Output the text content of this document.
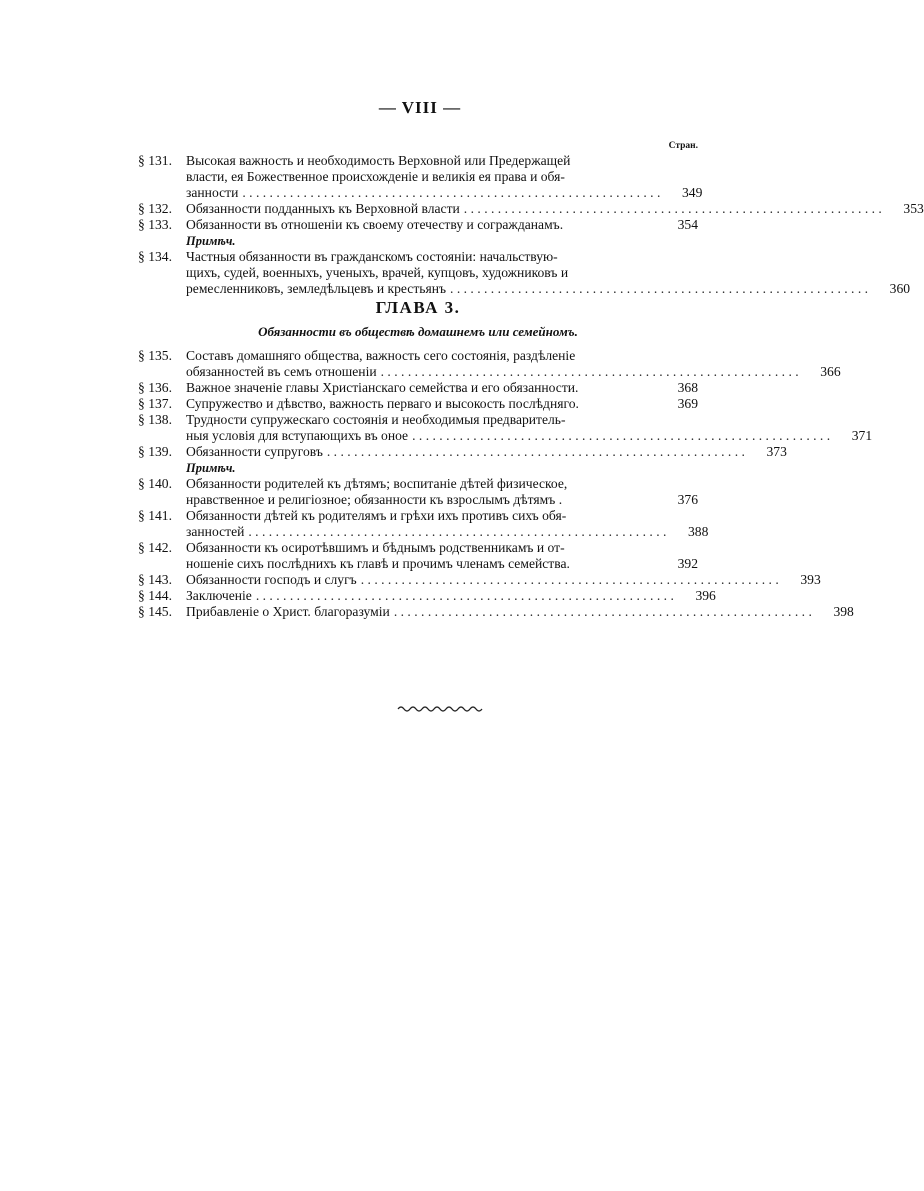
— VIII —
Стран.
§ 131.	Высокая важность и необходимость Верховной или Предержащей
власти, ея Божественное происхожденіе и великія ея права и обя-
занности . . .	349
§ 132.	Обязанности подданныхъ къ Верховной власти . . .	353
§ 133.	Обязанности въ отношеніи къ своему отечеству и согражданамъ.	354
Примѣч.
§ 134.	Частныя обязанности въ гражданскомъ состояніи: начальствую-
щихъ, судей, военныхъ, ученыхъ, врачей, купцовъ, художниковъ и
ремесленниковъ, земледѣльцевъ и крестьянъ . . .	360
ГЛАВА 3.
Обязанности въ обществѣ домашнемъ или семейномъ.
§ 135.	Составъ домашняго общества, важность сего состоянія, раздѣленіе
обязанностей въ семъ отношеніи . . .	366
§ 136.	Важное значеніе главы Христіанскаго семейства и его обязанности.	368
§ 137.	Супружество и дѣвство, важность перваго и высокость послѣдняго.	369
§ 138.	Трудности супружескаго состоянія и необходимыя предваритель-
ныя условія для вступающихъ въ оное . . .	371
§ 139.	Обязанности супруговъ . . .	373
Примѣч.
§ 140.	Обязанности родителей къ дѣтямъ; воспитаніе дѣтей физическое,
нравственное и религіозное; обязанности къ взрослымъ дѣтямъ .	376
§ 141.	Обязанности дѣтей къ родителямъ и грѣхи ихъ противъ сихъ обя-
занностей . . .	388
§ 142.	Обязанности къ осиротѣвшимъ и бѣднымъ родственникамъ и от-
ношеніе сихъ послѣднихъ къ главѣ и прочимъ членамъ семейства.	392
§ 143.	Обязанности господъ и слугъ . . .	393
§ 144.	Заключеніе . . .	396
§ 145.	Прибавленіе о Христ. благоразуміи . . .	398
